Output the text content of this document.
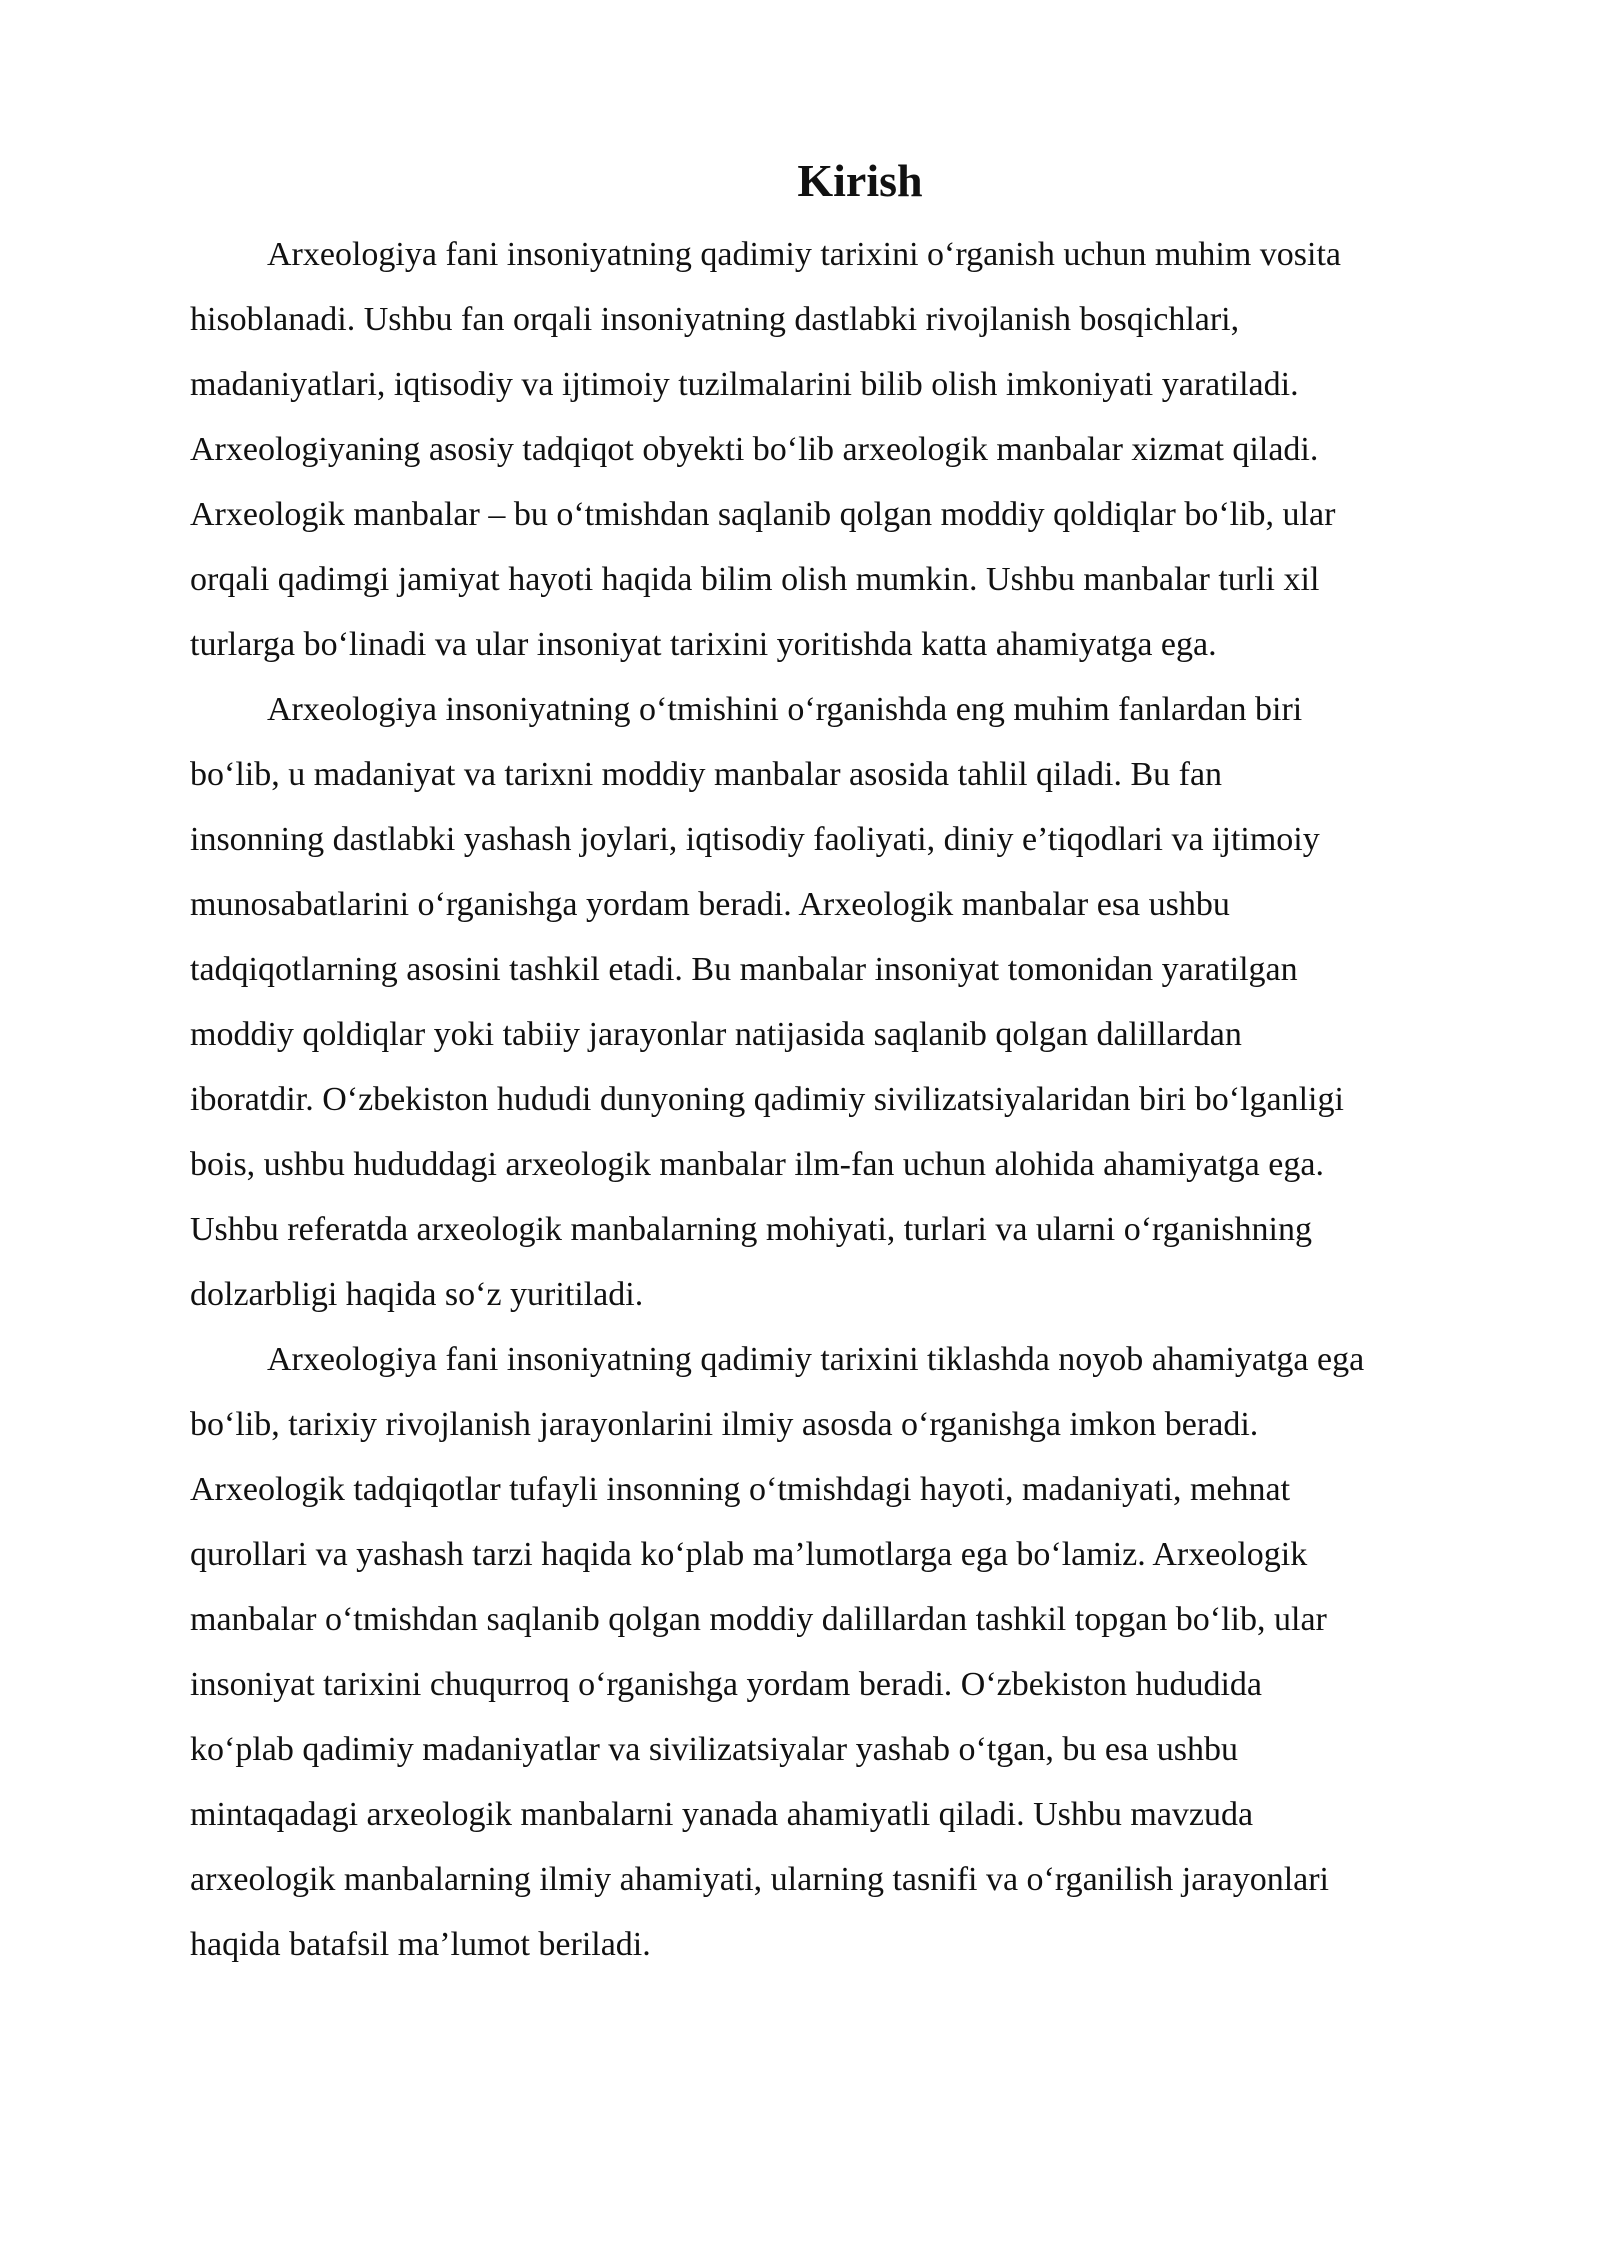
Kirish

Arxeologiya fani insoniyatning qadimiy tarixini o‘rganish uchun muhim vosita
hisoblanadi. Ushbu fan orqali insoniyatning dastlabki rivojlanish bosqichlari,
madaniyatlari, iqtisodiy va ijtimoiy tuzilmalarini bilib olish imkoniyati yaratiladi.
Arxeologiyaning asosiy tadqiqot obyekti bo‘lib arxeologik manbalar xizmat qiladi.
Arxeologik manbalar – bu o‘tmishdan saqlanib qolgan moddiy qoldiqlar bo‘lib, ular
orqali qadimgi jamiyat hayoti haqida bilim olish mumkin. Ushbu manbalar turli xil
turlarga bo‘linadi va ular insoniyat tarixini yoritishda katta ahamiyatga ega.

Arxeologiya insoniyatning o‘tmishini o‘rganishda eng muhim fanlardan biri
bo‘lib, u madaniyat va tarixni moddiy manbalar asosida tahlil qiladi. Bu fan
insonning dastlabki yashash joylari, iqtisodiy faoliyati, diniy e’tiqodlari va ijtimoiy
munosabatlarini o‘rganishga yordam beradi. Arxeologik manbalar esa ushbu
tadqiqotlarning asosini tashkil etadi. Bu manbalar insoniyat tomonidan yaratilgan
moddiy qoldiqlar yoki tabiiy jarayonlar natijasida saqlanib qolgan dalillardan
iboratdir. O‘zbekiston hududi dunyoning qadimiy sivilizatsiyalaridan biri bo‘lganligi
bois, ushbu hududdagi arxeologik manbalar ilm-fan uchun alohida ahamiyatga ega.
Ushbu referatda arxeologik manbalarning mohiyati, turlari va ularni o‘rganishning
dolzarbligi haqida so‘z yuritiladi.

Arxeologiya fani insoniyatning qadimiy tarixini tiklashda noyob ahamiyatga ega
bo‘lib, tarixiy rivojlanish jarayonlarini ilmiy asosda o‘rganishga imkon beradi.
Arxeologik tadqiqotlar tufayli insonning o‘tmishdagi hayoti, madaniyati, mehnat
qurollari va yashash tarzi haqida ko‘plab ma’lumotlarga ega bo‘lamiz. Arxeologik
manbalar o‘tmishdan saqlanib qolgan moddiy dalillardan tashkil topgan bo‘lib, ular
insoniyat tarixini chuqurroq o‘rganishga yordam beradi. O‘zbekiston hududida
ko‘plab qadimiy madaniyatlar va sivilizatsiyalar yashab o‘tgan, bu esa ushbu
mintaqadagi arxeologik manbalarni yanada ahamiyatli qiladi. Ushbu mavzuda
arxeologik manbalarning ilmiy ahamiyati, ularning tasnifi va o‘rganilish jarayonlari
haqida batafsil ma’lumot beriladi.
